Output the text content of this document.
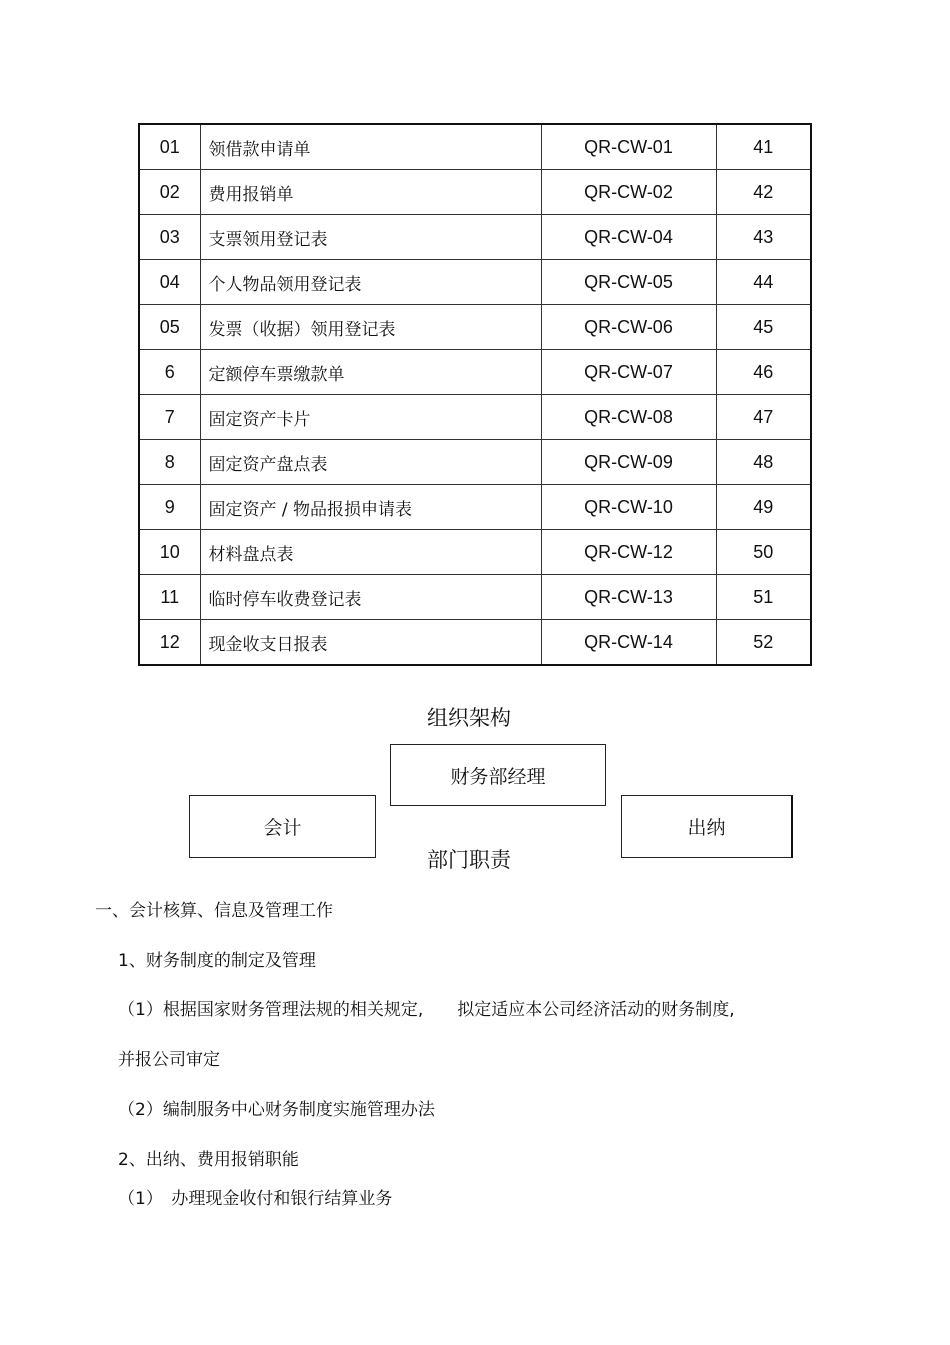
01	领借款申请单	QR-CW-01	41
02	费用报销单	QR-CW-02	42
03	支票领用登记表	QR-CW-04	43
04	个人物品领用登记表	QR-CW-05	44
05	发票（收据）领用登记表	QR-CW-06	45
6	定额停车票缴款单	QR-CW-07	46
7	固定资产卡片	QR-CW-08	47
8	固定资产盘点表	QR-CW-09	48
9	固定资产 / 物品报损申请表	QR-CW-10	49
10	材料盘点表	QR-CW-12	50
11	临时停车收费登记表	QR-CW-13	51
12	现金收支日报表	QR-CW-14	52
组织架构
财务部经理
会计	出纳
部门职责
一、会计核算、信息及管理工作
1、财务制度的制定及管理
（1）根据国家财务管理法规的相关规定,　　拟定适应本公司经济活动的财务制度,
并报公司审定
（2）编制服务中心财务制度实施管理办法
2、出纳、费用报销职能
（1）　办理现金收付和银行结算业务
